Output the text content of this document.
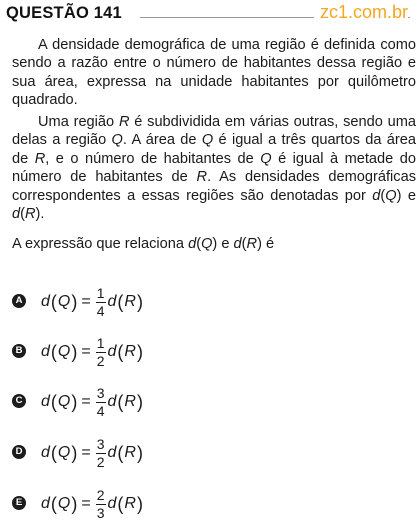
QUESTÃO 141	zc1.com.br
A densidade demográfica de uma região é definida como sendo a razão entre o número de habitantes dessa região e sua área, expressa na unidade habitantes por quilômetro quadrado.
Uma região R é subdividida em várias outras, sendo uma delas a região Q. A área de Q é igual a três quartos da área de R, e o número de habitantes de Q é igual à metade do número de habitantes de R. As densidades demográficas correspondentes a essas regiões são denotadas por d(Q) e d(R).
A expressão que relaciona d(Q) e d(R) é
A d ( Q ) = $\frac{1}{4}$ d ( R )
B d ( Q ) = $\frac{1}{2}$ d ( R )
C d ( Q ) = $\frac{3}{4}$ d ( R )
D d ( Q ) = $\frac{3}{2}$ d ( R )
E d ( Q ) = $\frac{2}{3}$ d ( R )
